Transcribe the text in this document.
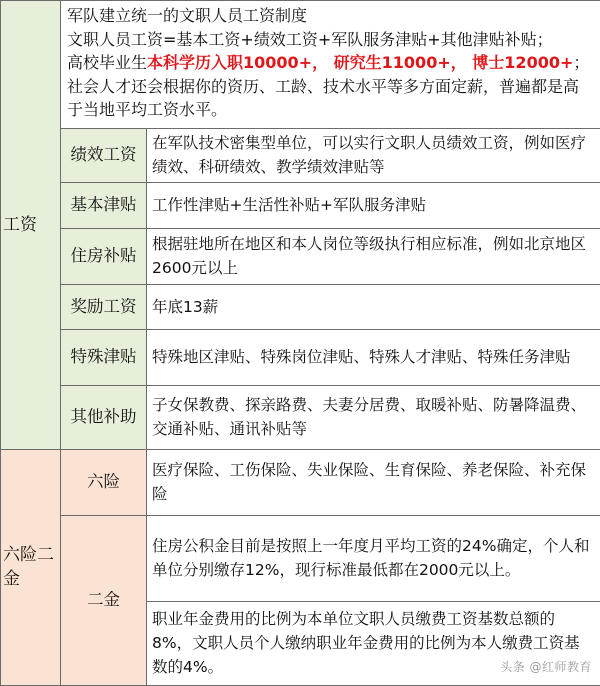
工资	军队建立统一的文职人员工资制度
文职人员工资=基本工资+绩效工资+军队服务津贴+其他津贴补贴；
高校毕业生本科学历入职10000+， 研究生11000+， 博士12000+；
社会人才还会根据你的资历、工龄、技术水平等多方面定薪，普遍都是高于当地平均工资水平。	

	绩效工资	在军队技术密集型单位，可以实行文职人员绩效工资，例如医疗绩效、科研绩效、教学绩效津贴等
	基本津贴	工作性津贴+生活性补贴+军队服务津贴
	住房补贴	根据驻地所在地区和本人岗位等级执行相应标准，例如北京地区2600元以上
	奖励工资	年底13薪
	特殊津贴	特殊地区津贴、特殊岗位津贴、特殊人才津贴、特殊任务津贴
	其他补助	子女保教费、探亲路费、夫妻分居费、取暖补贴、防暑降温费、交通补贴、通讯补贴等
六险二金	六险	医疗保险、工伤保险、失业保险、生育保险、养老保险、补充保险
	二金	住房公积金目前是按照上一年度月平均工资的24%确定，个人和单位分别缴存12%，现行标准最低都在2000元以上。
		职业年金费用的比例为本单位文职人员缴费工资基数总额的8%，文职人员个人缴纳职业年金费用的比例为本人缴费工资基数的4%。 头条 @红师教育
